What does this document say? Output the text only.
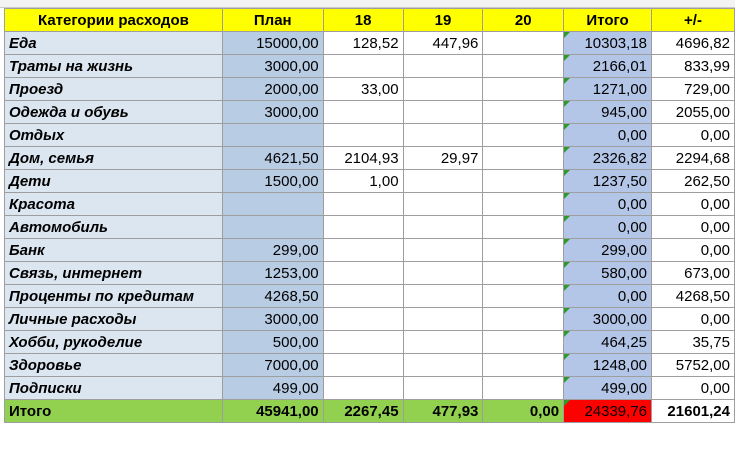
Категории расходов	План	18	19	20	Итого	+/-
Еда	15000,00	128,52	447,96		10303,18	4696,82
Траты на жизнь	3000,00				2166,01	833,99
Проезд	2000,00	33,00			1271,00	729,00
Одежда и обувь	3000,00				945,00	2055,00
Отдых					0,00	0,00
Дом, семья	4621,50	2104,93	29,97		2326,82	2294,68
Дети	1500,00	1,00			1237,50	262,50
Красота					0,00	0,00
Автомобиль					0,00	0,00
Банк	299,00				299,00	0,00
Связь, интернет	1253,00				580,00	673,00
Проценты по кредитам	4268,50				0,00	4268,50
Личные расходы	3000,00				3000,00	0,00
Хобби, рукоделие	500,00				464,25	35,75
Здоровье	7000,00				1248,00	5752,00
Подписки	499,00				499,00	0,00
Итого	45941,00	2267,45	477,93	0,00	24339,76	21601,24
